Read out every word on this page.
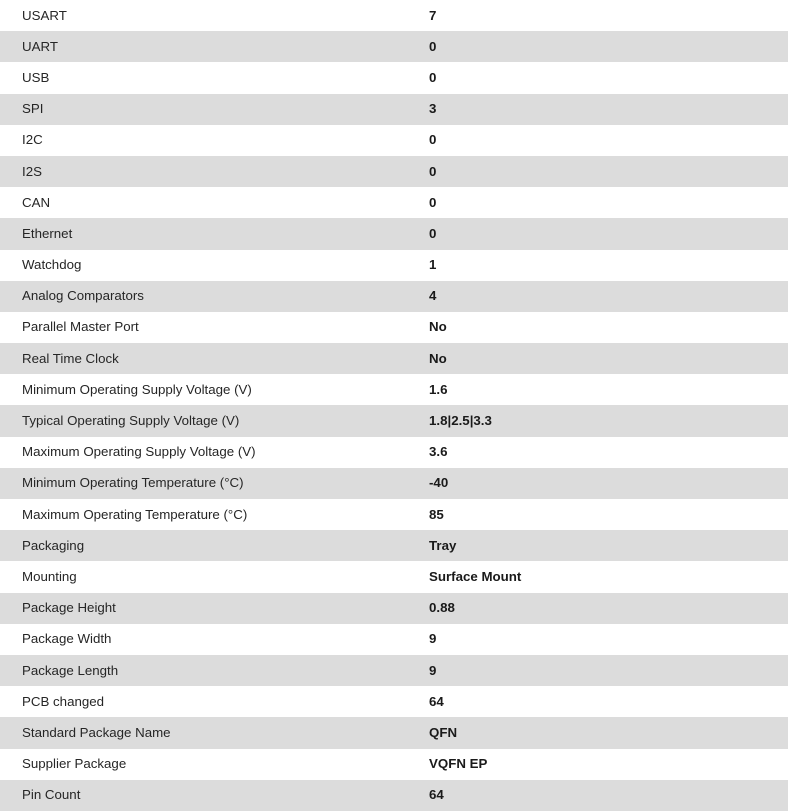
USART	7
UART	0
USB	0
SPI	3
I2C	0
I2S	0
CAN	0
Ethernet	0
Watchdog	1
Analog Comparators	4
Parallel Master Port	No
Real Time Clock	No
Minimum Operating Supply Voltage (V)	1.6
Typical Operating Supply Voltage (V)	1.8|2.5|3.3
Maximum Operating Supply Voltage (V)	3.6
Minimum Operating Temperature (°C)	-40
Maximum Operating Temperature (°C)	85
Packaging	Tray
Mounting	Surface Mount
Package Height	0.88
Package Width	9
Package Length	9
PCB changed	64
Standard Package Name	QFN
Supplier Package	VQFN EP
Pin Count	64
